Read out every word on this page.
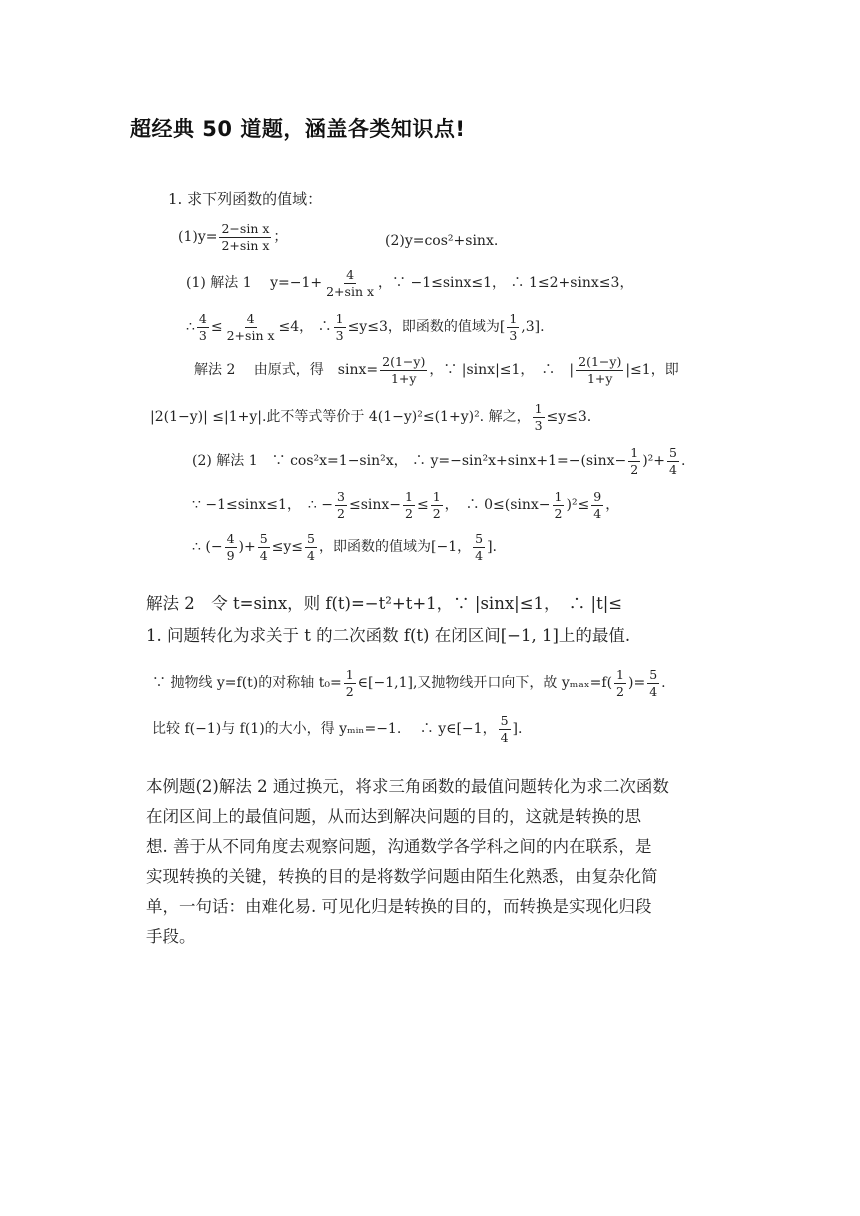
超经典 50 道题，涵盖各类知识点!
1. 求下列函数的值域：
$(1)y= \frac{\text{2−sin x}}{\text{2+sin x}}$ ；	(2)y=cos²+sinx.
(1) 解法 1　 $y=-1+ \frac{4}{\text{2+sin x}}$ ，∵ −1≤sinx≤1， ∴ 1≤2+sinx≤3，
∴ $\frac{4}{3} \le \frac{4}{\text{2+sin x}} \le 4$， ∴ $\frac{1}{3} \le y\le 3$，即函数的值域为[ $\frac{1}{3} ,3$].
解法 2　 由原式，得　$\sin x= \frac{2(1-y)}{1+y}$ ，∵ |sinx|≤1，　∴　| $\frac{2(1-y)}{1+y} |\le 1$，即
|2(1−y)| ≤|1+y|.此不等式等价于 4(1−y)²≤(1+y)². 解之， $\frac{1}{3} \le y\le 3$.
(2) 解法 1　∵ cos²x=1−sin²x， ∴ $y=-\sin^2x+\sin x+1=-(\sin x- \frac{1}{2} )^2+ \frac{5}{4}$ .
∵ −1≤sinx≤1，　∴ − $\frac{3}{2} \le\sin x- \frac{1}{2} \le \frac{1}{2}$ ，　∴ $0\le(\sin x- \frac{1}{2} )^2\le \frac{9}{4}$ ，
∴ (− $\frac{4}{9}$ )+ $\frac{5}{4} \le y\le \frac{5}{4}$ ，即函数的值域为[−1， $\frac{5}{4}$ ].
解法 2　令 t=sinx，则 f(t)=−t²+t+1，∵ |sinx|≤1，　∴ |t|≤
1. 问题转化为求关于 t 的二次函数 f(t) 在闭区间[−1, 1]上的最值.
∵ 抛物线 y=f(t)的对称轴 $t_0= \frac{1}{2}$ ∈[−1,1],又抛物线开口向下，故 $y_{max}=f( \frac{1}{2}$ )= $\frac{5}{4}$ .
比较 f(−1)与 f(1)的大小，得 yₘᵢₙ=−1.　 ∴ y∈[−1， $\frac{5}{4}$ ].

本例题(2)解法 2 通过换元，将求三角函数的最值问题转化为求二次函数

在闭区间上的最值问题，从而达到解决问题的目的，这就是转换的思

想. 善于从不同角度去观察问题，沟通数学各学科之间的内在联系，是

实现转换的关键，转换的目的是将数学问题由陌生化熟悉，由复杂化简

单，一句话：由难化易. 可见化归是转换的目的，而转换是实现化归段

手段。
